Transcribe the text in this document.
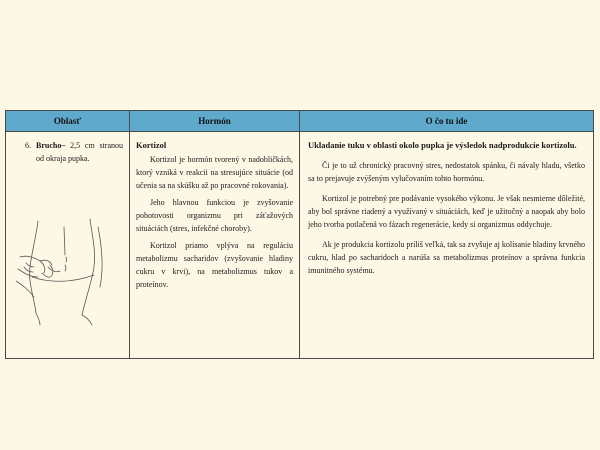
Oblasť	Hormón	O čo tu ide
6. Brucho– 2,5 cm stranou od okraja pupka.
Kortizol

Kortizol je hormón tvorený v nadobličkách, ktorý vzniká v reakcii na stresujúce situácie (od učenia sa na skúšku až po pracovné rokovania).

Jeho hlavnou funkciou je zvyšovanie pohotovosti organizmu pri záťažových situáciách (stres, infekčné choroby).

Kortizol priamo vplýva na reguláciu metabolizmu sacharidov (zvyšovanie hladiny cukru v krvi), na metabolizmus tukov a proteínov.

Ukladanie tuku v oblasti okolo pupka je výsledok nadprodukcie kortizolu.

Či je to už chronický pracovný stres, nedostatok spánku, či návaly hladu, všetko sa to prejavuje zvýšeným vylučovaním tohto hormónu.

Kortizol je potrebný pre podávanie vysokého výkonu. Je však nesmierne dôležité, aby bol správne riadený a využívaný v situáciách, keď je užitočný a naopak aby bolo jeho tvorba potlačená vo fázach regenerácie, kedy si organizmus oddychuje.

Ak je produkcia kortizolu príliš veľká, tak sa zvyšuje aj kolísanie hladiny krvného cukru, hlad po sacharidoch a narúša sa metabolizmus proteínov a správna funkcia imunitného systému.
